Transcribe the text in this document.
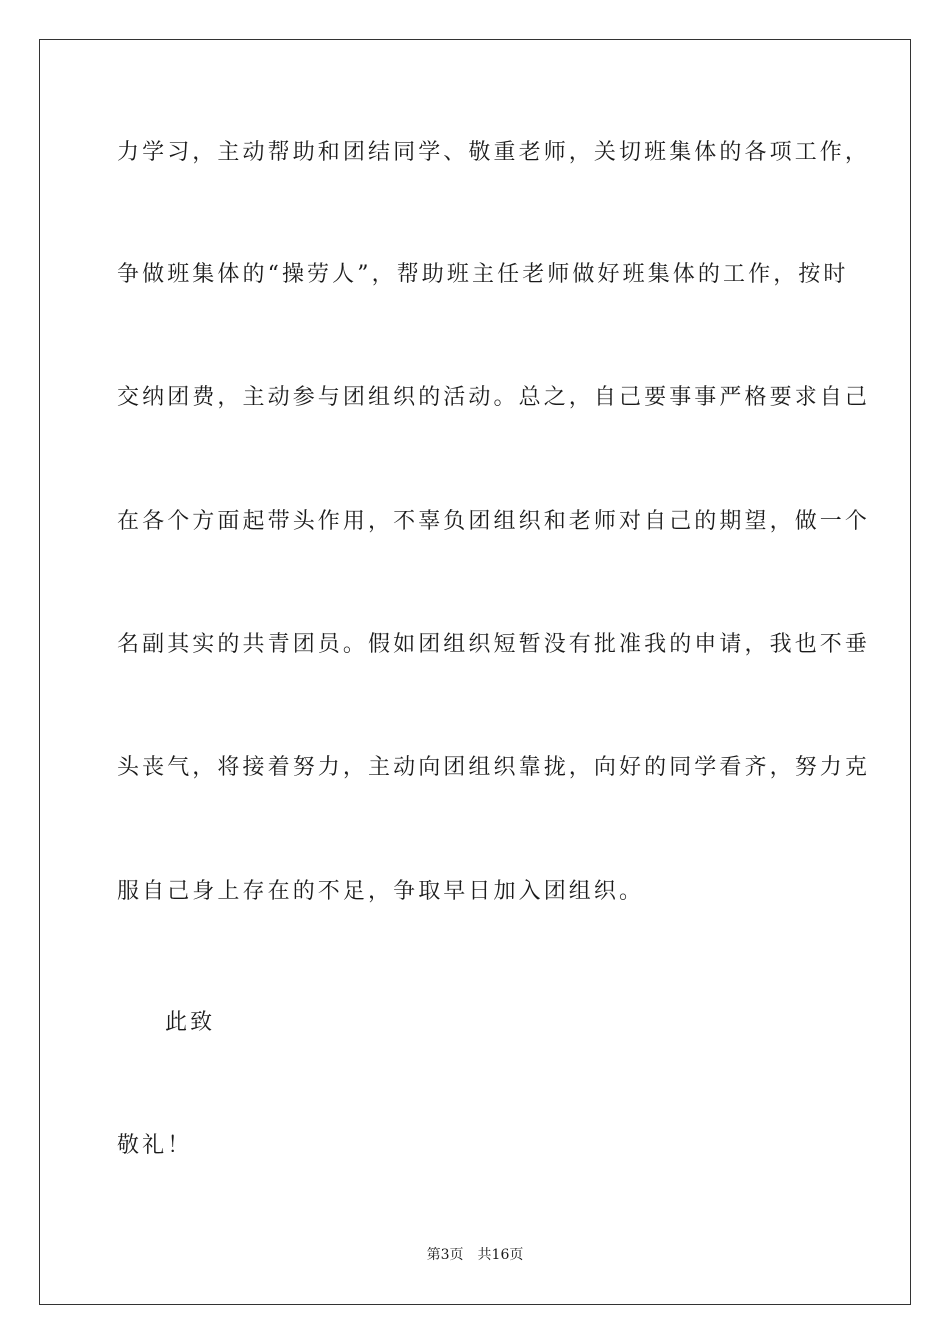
力学习，主动帮助和团结同学、敬重老师，关切班集体的各项工作，
争做班集体的“操劳人”，帮助班主任老师做好班集体的工作，按时
交纳团费，主动参与团组织的活动。总之，自己要事事严格要求自己
在各个方面起带头作用，不辜负团组织和老师对自己的期望，做一个
名副其实的共青团员。假如团组织短暂没有批准我的申请，我也不垂
头丧气，将接着努力，主动向团组织靠拢，向好的同学看齐，努力克
服自己身上存在的不足，争取早日加入团组织。
此致
敬礼！
第3页 共16页
